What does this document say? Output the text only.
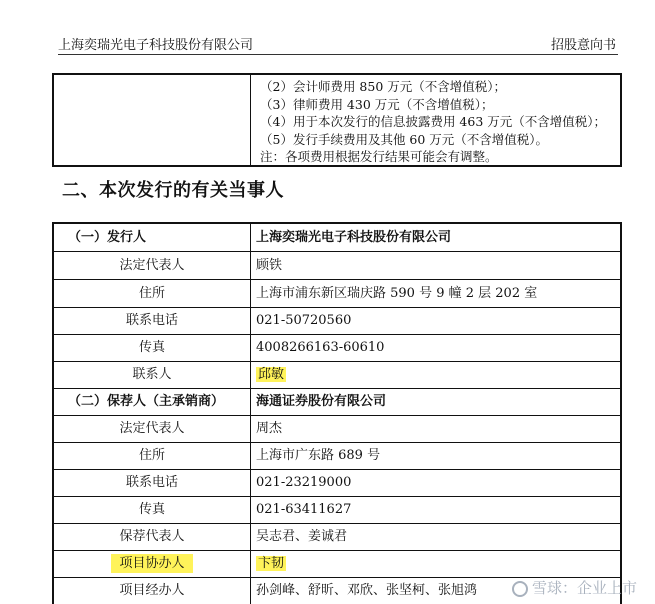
上海奕瑞光电子科技股份有限公司	招股意向书
（2）会计师费用 850 万元（不含增值税）；
（3）律师费用 430 万元（不含增值税）；
（4）用于本次发行的信息披露费用 463 万元（不含增值税）；
（5）发行手续费用及其他 60 万元（不含增值税）。
注：各项费用根据发行结果可能会有调整。
二、本次发行的有关当事人
（一）发行人	上海奕瑞光电子科技股份有限公司
法定代表人	顾铁
住所	上海市浦东新区瑞庆路 590 号 9 幢 2 层 202 室
联系电话	021-50720560
传真	4008266163-60610
联系人	邱敏
（二）保荐人（主承销商）	海通证券股份有限公司
法定代表人	周杰
住所	上海市广东路 689 号
联系电话	021-23219000
传真	021-63411627
保荐代表人	吴志君、姜诚君
项目协办人	卞韧
项目经办人	孙剑峰、舒昕、邓欣、张坚柯、张旭鸿	雪球：企业上市
